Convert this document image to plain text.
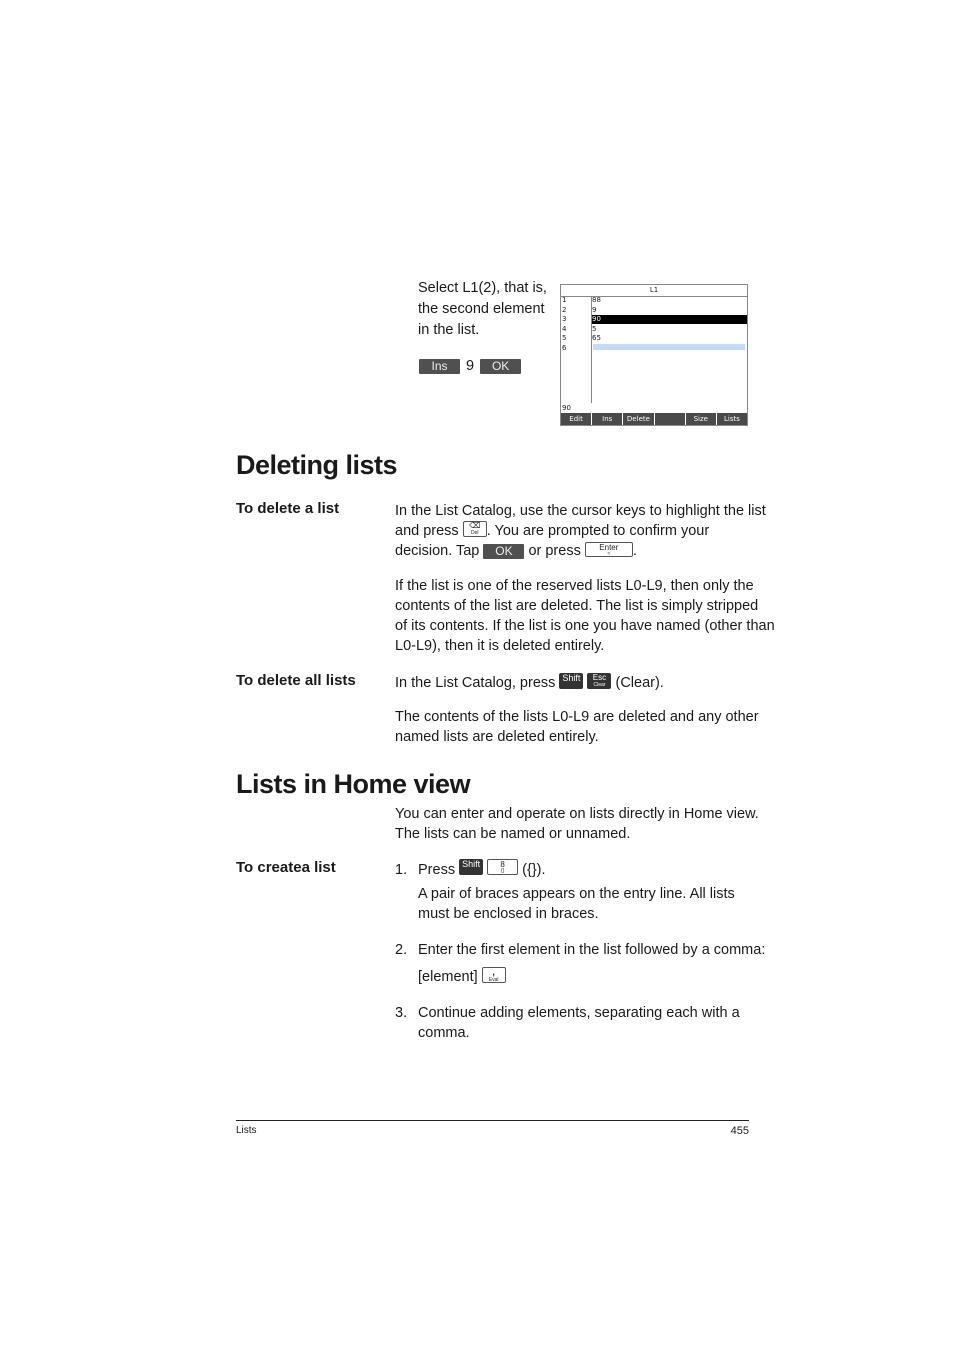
Select L1(2), that is,
the second element
in the list.
Ins 9 OK
L1
1	88
2	9
3	90
4	5
5	65
6
90
Edit	Ins	Delete	Size	Lists
Deleting lists
To delete a list	In the List Catalog, use the cursor keys to highlight the list
and press	⌫
Del . You are prompted to confirm your
decision. Tap OK or press	Enter
≈	.
If the list is one of the reserved lists L0-L9, then only the
contents of the list are deleted. The list is simply stripped
of its contents. If the list is one you have named (other than
L0-L9), then it is deleted entirely.
To delete all lists	In the List Catalog, press Shift	Esc
Clear (Clear).
The contents of the lists L0-L9 are deleted and any other
named lists are deleted entirely.
Lists in Home view
You can enter and operate on lists directly in Home view.
The lists can be named or unnamed.
To createa list	1. Press Shift	8
{}	({}).
A pair of braces appears on the entry line. All lists
must be enclosed in braces.
2. Enter the first element in the list followed by a comma:
[element]	,
Eval
3. Continue adding elements, separating each with a
comma.
Lists	455
